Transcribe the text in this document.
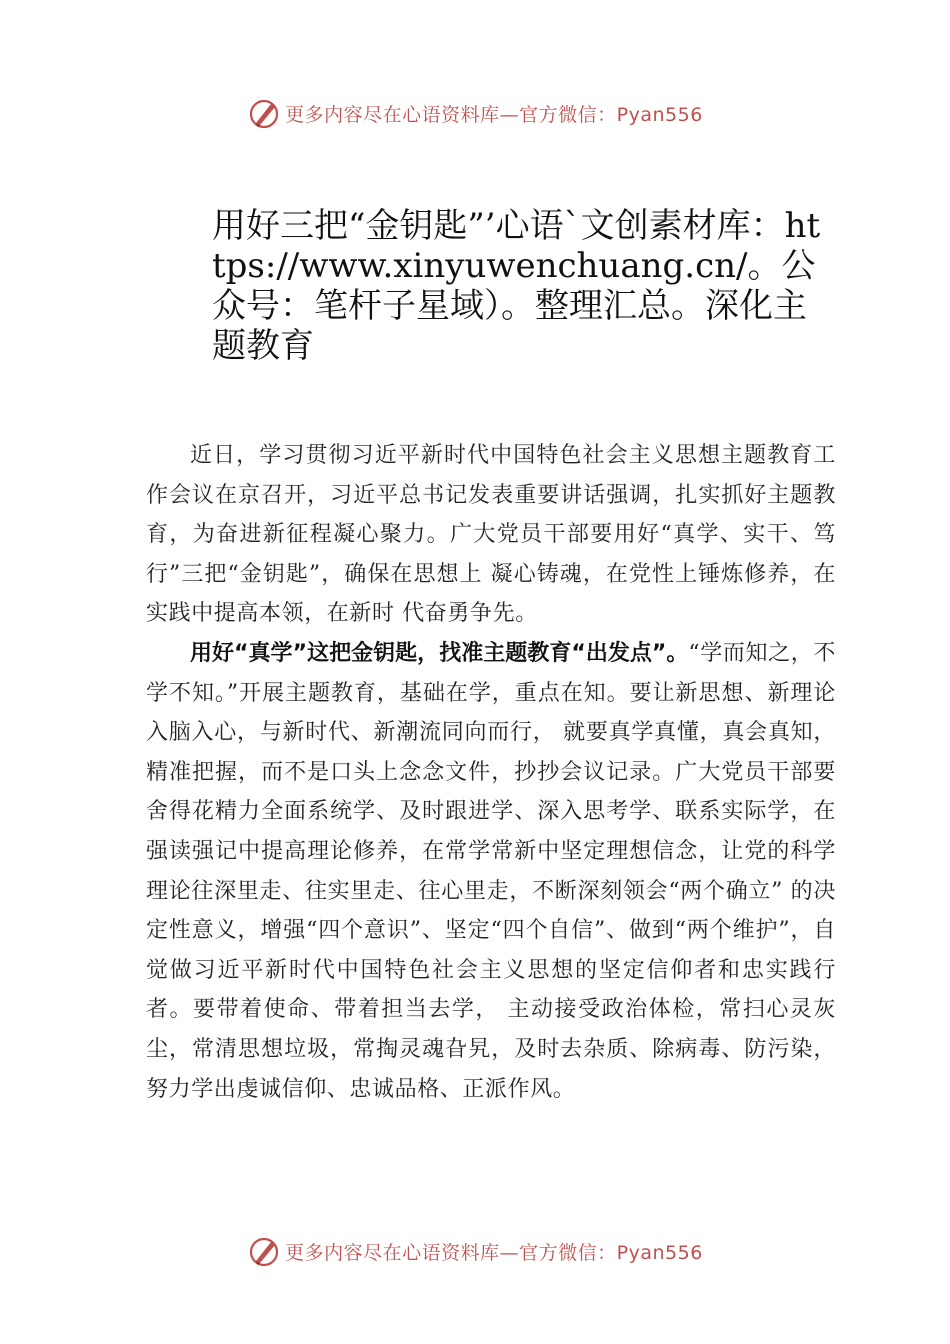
更多内容尽在心语资料库— 官方微信：Pyan556
用好三把“金钥匙”’心语`文创素材库：https://www.xinyuwenchuang.cn/。公众号：笔杆子星域）。整理汇总。深化主题教育

近日，学习贯彻习近平新时代中国特色社会主义思想主题教育工作会议在京召开，习近平总书记发表重要讲话强调，扎实抓好主题教育，为奋进新征程凝心聚力。广大党员干部要用好“真学、实干、笃行”三把“金钥匙”，确保在思想上 凝心铸魂，在党性上锤炼修养，在实践中提高本领，在新时 代奋勇争先。

用好“真学”这把金钥匙，找准主题教育“出发点”。“学而知之，不学不知。”开展主题教育，基础在学，重点在知。要让新思想、新理论入脑入心，与新时代、新潮流同向而行， 就要真学真懂，真会真知，精准把握，而不是口头上念念文件，抄抄会议记录。广大党员干部要舍得花精力全面系统学、及时跟进学、深入思考学、联系实际学，在强读强记中提高理论修养，在常学常新中坚定理想信念，让党的科学理论往深里走、往实里走、往心里走，不断深刻领会“两个确立” 的决定性意义，增强“四个意识”、坚定“四个自信”、做到“两个维护”，自觉做习近平新时代中国特色社会主义思想的坚定信仰者和忠实践行者。要带着使命、带着担当去学， 主动接受政治体检，常扫心灵灰尘，常清思想垃圾，常掏灵魂旮旯，及时去杂质、除病毒、防污染，努力学出虔诚信仰、忠诚品格、正派作风。

更多内容尽在心语资料库— 官方微信：Pyan556
